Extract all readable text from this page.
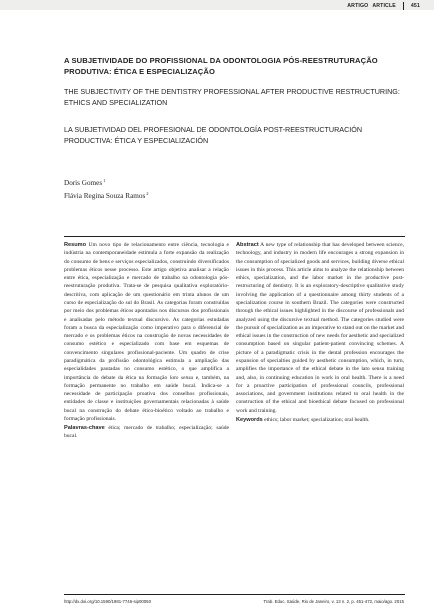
ARTIGO ARTICLE	451
A SUBJETIVIDADE DO PROFISSIONAL DA ODONTOLOGIA PÓS-REESTRUTURAÇÃO PRODUTIVA: ÉTICA E ESPECIALIZAÇÃO
THE SUBJECTIVITY OF THE DENTISTRY PROFESSIONAL AFTER PRODUCTIVE RESTRUCTURING: ETHICS AND SPECIALIZATION
LA SUBJETIVIDAD DEL PROFESIONAL DE ODONTOLOGÍA POST-REESTRUCTURACIÓN PRODUCTIVA: ÉTICA Y ESPECIALIZACIÓN
Doris Gomes$^1$
Flávia Regina Souza Ramos$^2$
Resumo Um novo tipo de relacionamento entre ciência, tecnologia e indústria na contemporaneidade estimula a forte expansão da realização do consumo de bens e serviços especializados, construindo diversificados problemas éticos nesse processo. Este artigo objetiva analisar a relação entre ética, especialização e mercado de trabalho na odontologia pós-reestruturação produtiva. Trata-se de pesquisa qualitativa exploratório-descritiva, com aplicação de um questionário em trinta alunos de um curso de especialização do sul do Brasil. As categorias foram construídas por meio dos problemas éticos apontados nos discursos dos profissionais e analisadas pelo método textual discursivo. As categorias estudadas foram a busca da especialização como imperativo para o diferencial de mercado e os problemas éticos na construção de novas necessidades de consumo estético e especializado com base em esquemas de convencimento singulares profissional-paciente. Um quadro de crise paradigmática da profissão odontológica estimula a ampliação das especialidades pautadas no consumo estético, o que amplifica a importância do debate da ética na formação lato sensu e, também, na formação permanente no trabalho em saúde bucal. Indica-se a necessidade de participação proativa dos conselhos profissionais, entidades de classe e instituições governamentais relacionadas à saúde bucal na construção do debate ético-bioético voltado ao trabalho e formação profissionais.
Palavras-chave ética; mercado de trabalho; especialização; saúde bucal.
Abstract A new type of relationship that has developed between science, technology, and industry in modern life encourages a strong expansion in the consumption of specialized goods and services, building diverse ethical issues in this process. This article aims to analyze the relationship between ethics, specialization, and the labor market in the productive post-restructuring of dentistry. It is an exploratory-descriptive qualitative study involving the application of a questionnaire among thirty students of a specialization course in southern Brazil. The categories were constructed through the ethical issues highlighted in the discourse of professionals and analyzed using the discursive textual method. The categories studied were the pursuit of specialization as an imperative to stand out on the market and ethical issues in the construction of new needs for aesthetic and specialized consumption based on singular patient-patient convincing schemes. A picture of a paradigmatic crisis in the dental profession encourages the expansion of specialties guided by aesthetic consumption, which, in turn, amplifies the importance of the ethical debate in the lato sensu training and, also, in continuing education in work in oral health. There is a need for a proactive participation of professional councils, professional associations, and government institutions related to oral health in the construction of the ethical and bioethical debate focused on professional work and training.
Keywords ethics; labor market; specialization; oral health.
http://dx.doi.org/10.1590/1981-7746-sip00050	Trab. Educ. Saúde, Rio de Janeiro, v. 13 n. 2, p. 451-472, maio/ago. 2015
